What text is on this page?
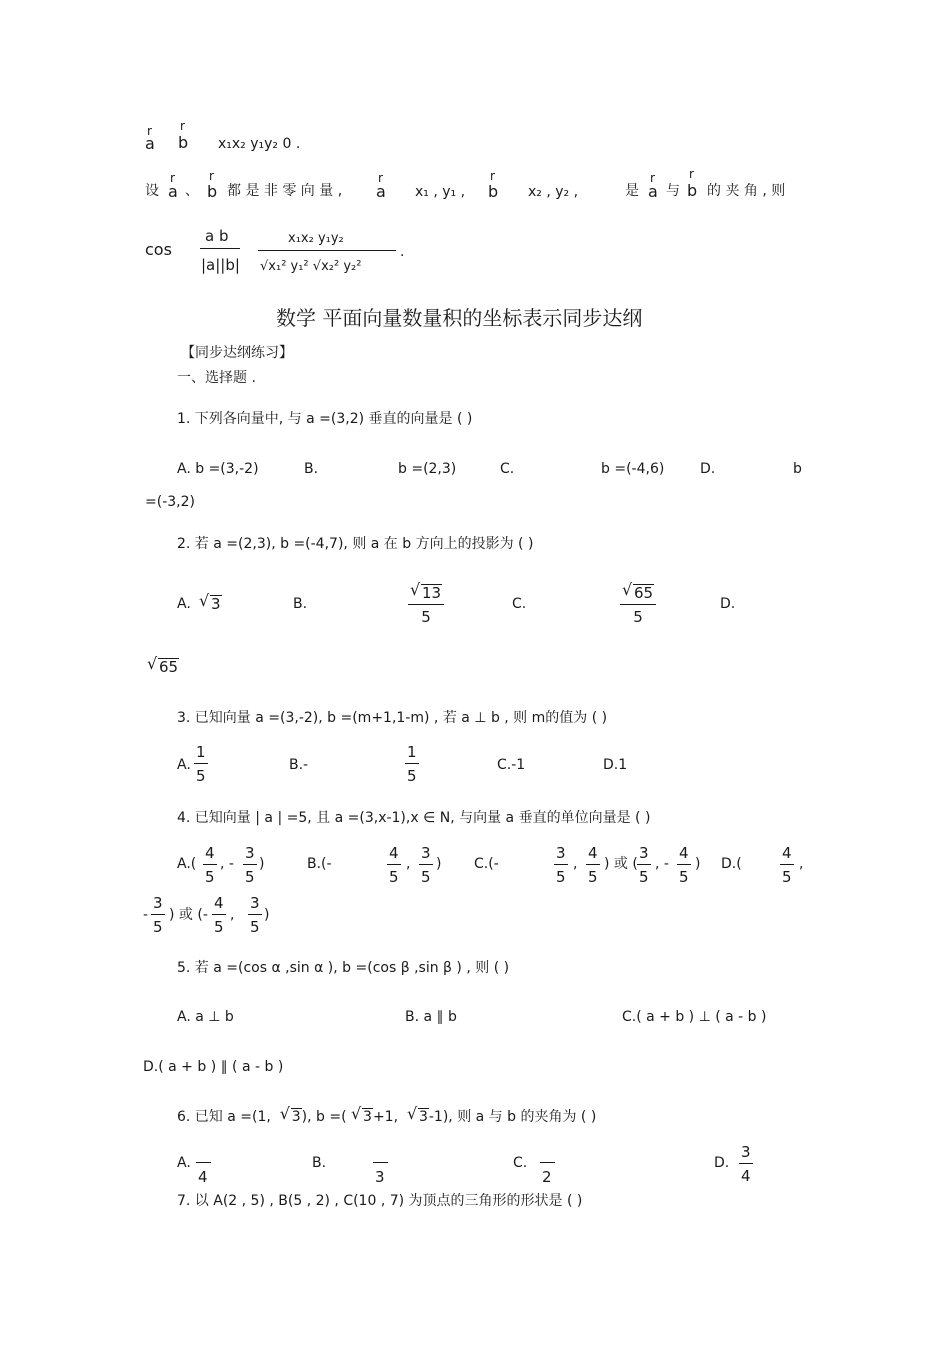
r
a
r
b x₁x₂ y₁y₂ 0 .
设
r
a 、
r
b 都 是 非 零 向 量 ,
r
a x₁ , y₁ ,
r
b x₂ , y₂ ,	是
r
a 与
r
b 的 夹 角 , 则
cos
a b
|a||b|
x₁x₂ y₁y₂
√x₁² y₁² √x₂² y₂²
.
数学 平面向量数量积的坐标表示同步达纲
【同步达纲练习】
一、选择题 .
1. 下列各向量中, 与 a =(3,2) 垂直的向量是 ( )
A. b =(3,-2)	B.	b =(2,3)	C.	b =(-4,6)	D.	b
=(-3,2)
2. 若 a =(2,3), b =(-4,7), 则 a 在 b 方向上的投影为 ( )
A. √ 3	B.	$\frac{√ 13}{5}$	C.	$\frac{√ 65}{5}$	D.
√ 65
3. 已知向量 a =(3,-2), b =(m+1,1-m) , 若 a ⊥ b , 则 m的值为 ( )
A. $\frac{1}{5}$	B.-	$\frac{1}{5}$	C.-1	D.1
4. 已知向量 | a | =5, 且 a =(3,x-1),x ∈ N, 与向量 a 垂直的单位向量是 ( )
$A.( \frac{4}{5}$ , - $\frac{3}{5}$ )	B.(-	$\frac{4}{5}$ , $\frac{3}{5}$ ) C.(-	$\frac{3}{5}$ , $\frac{4}{5}$ ) 或 ( $\frac{3}{5}$ , - $\frac{4}{5}$ ) D.(	$\frac{4}{5}$ ,
- $\frac{3}{5}$ ) 或 (- $\frac{4}{5}$ , $\frac{3}{5}$ )
5. 若 a =(cos α ,sin α ), b =(cos β ,sin β ) , 则 ( )
A. a ⊥ b	B. a ∥ b	C.( a + b ) ⊥ ( a - b )
D.( a + b ) ∥ ( a - b )
6. 已知 a =(1, √ 3), b =( √ 3+1, √ 3-1), 则 a 与 b 的夹角为 ( )
A.
4
B.
3
C.
2
D. $\frac{3}{4}$
7. 以 A(2 , 5) , B(5 , 2) , C(10 , 7) 为顶点的三角形的形状是 ( )
